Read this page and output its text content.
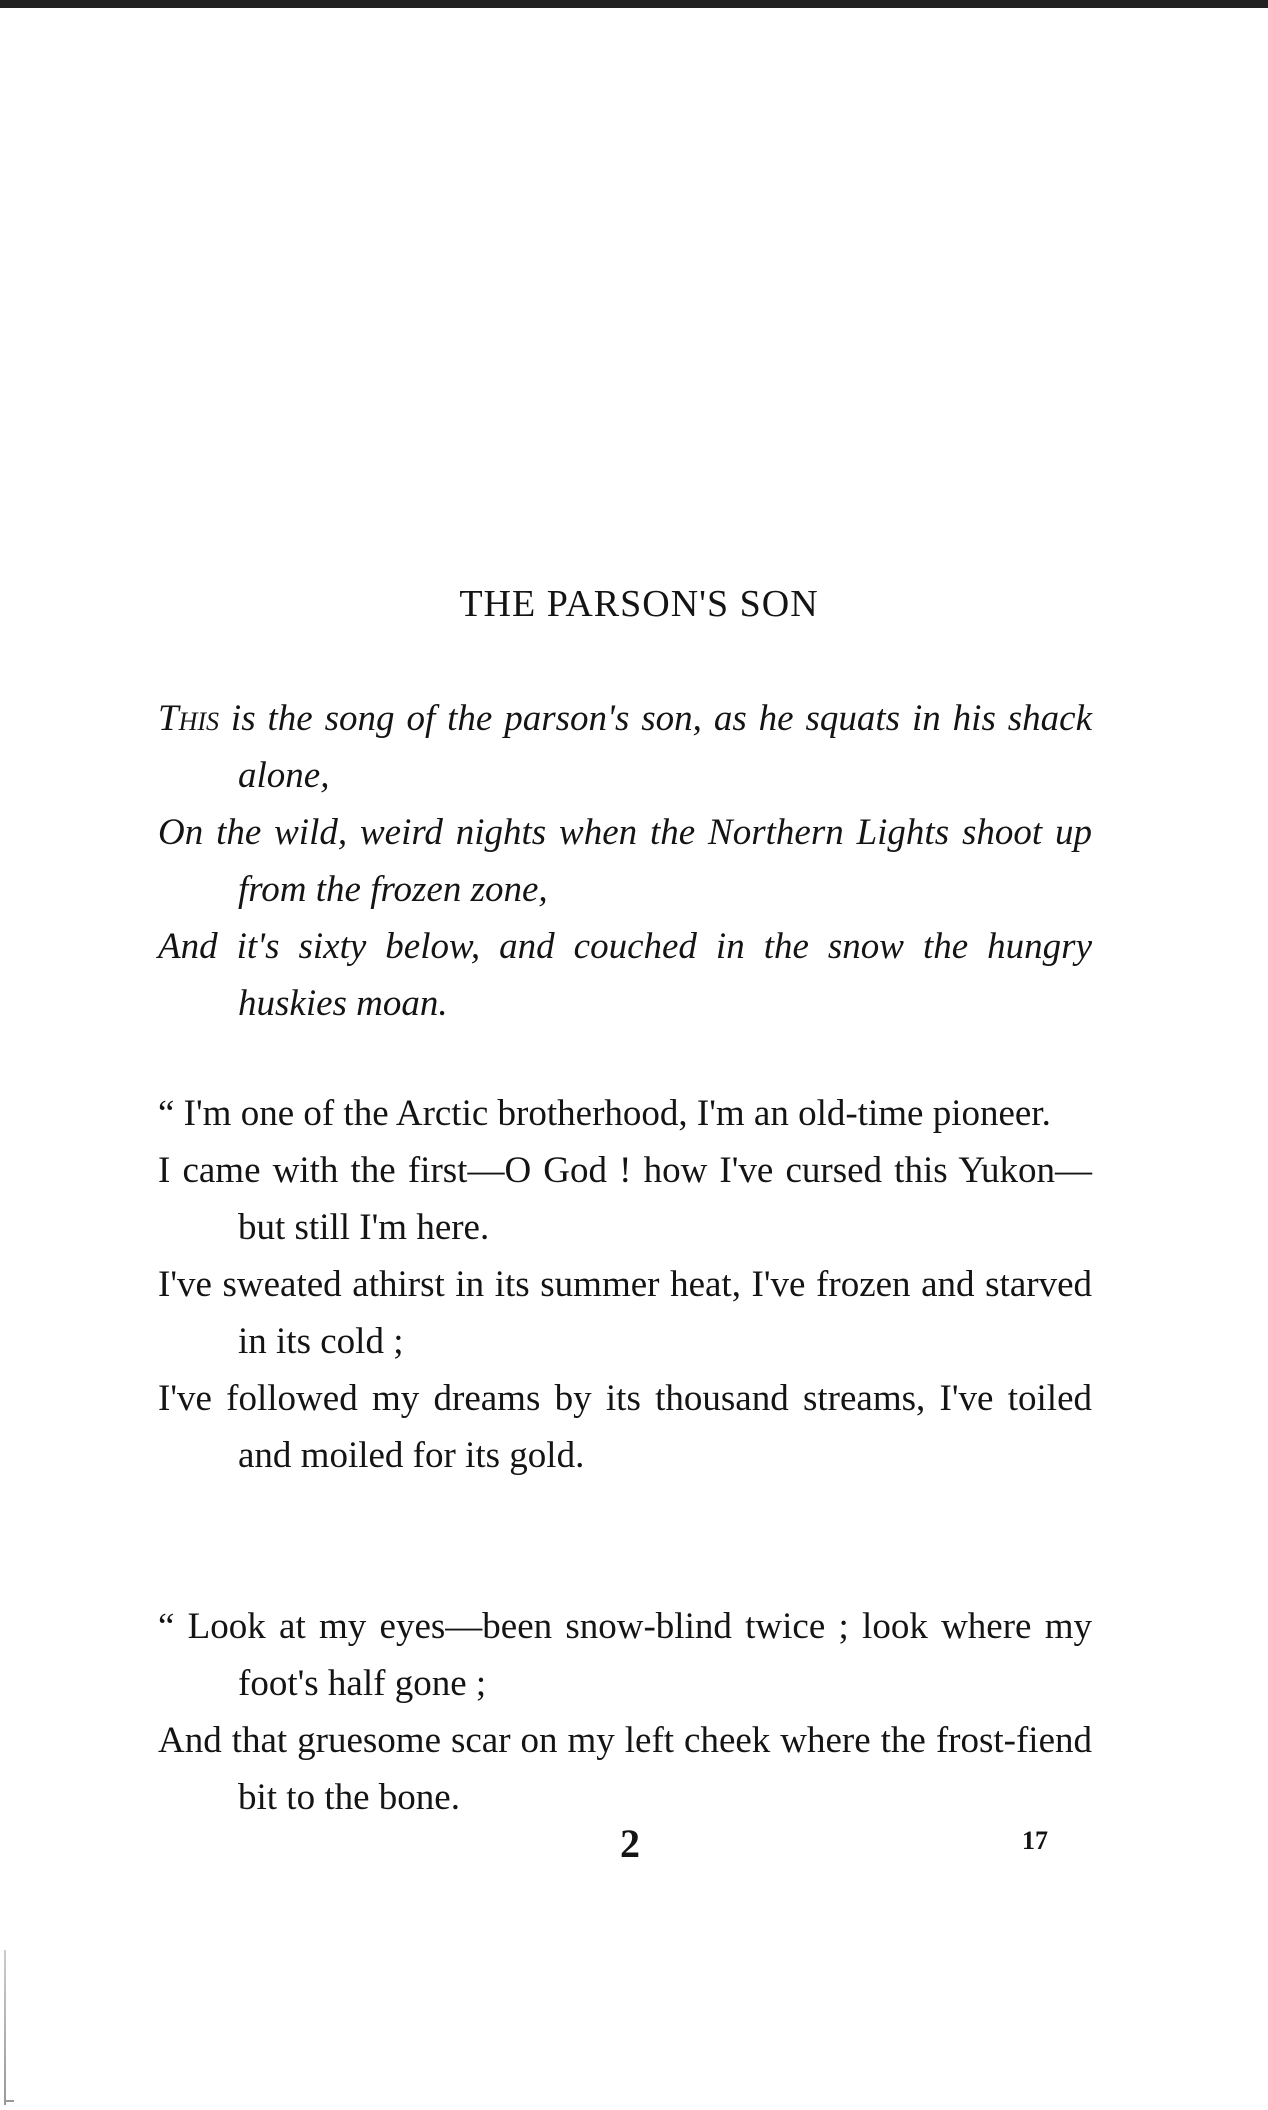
THE PARSON'S SON

This is the song of the parson's son, as he squats in his shack alone,

On the wild, weird nights when the Northern Lights shoot up from the frozen zone,

And it's sixty below, and couched in the snow the hungry huskies moan.

“ I'm one of the Arctic brotherhood, I'm an old-time pioneer.

I came with the first—O God ! how I've cursed this Yukon—but still I'm here.

I've sweated athirst in its summer heat, I've frozen and starved in its cold ;

I've followed my dreams by its thousand streams, I've toiled and moiled for its gold.

“ Look at my eyes—been snow-blind twice ; look where my foot's half gone ;

And that gruesome scar on my left cheek where the frost-fiend bit to the bone.

2	17
